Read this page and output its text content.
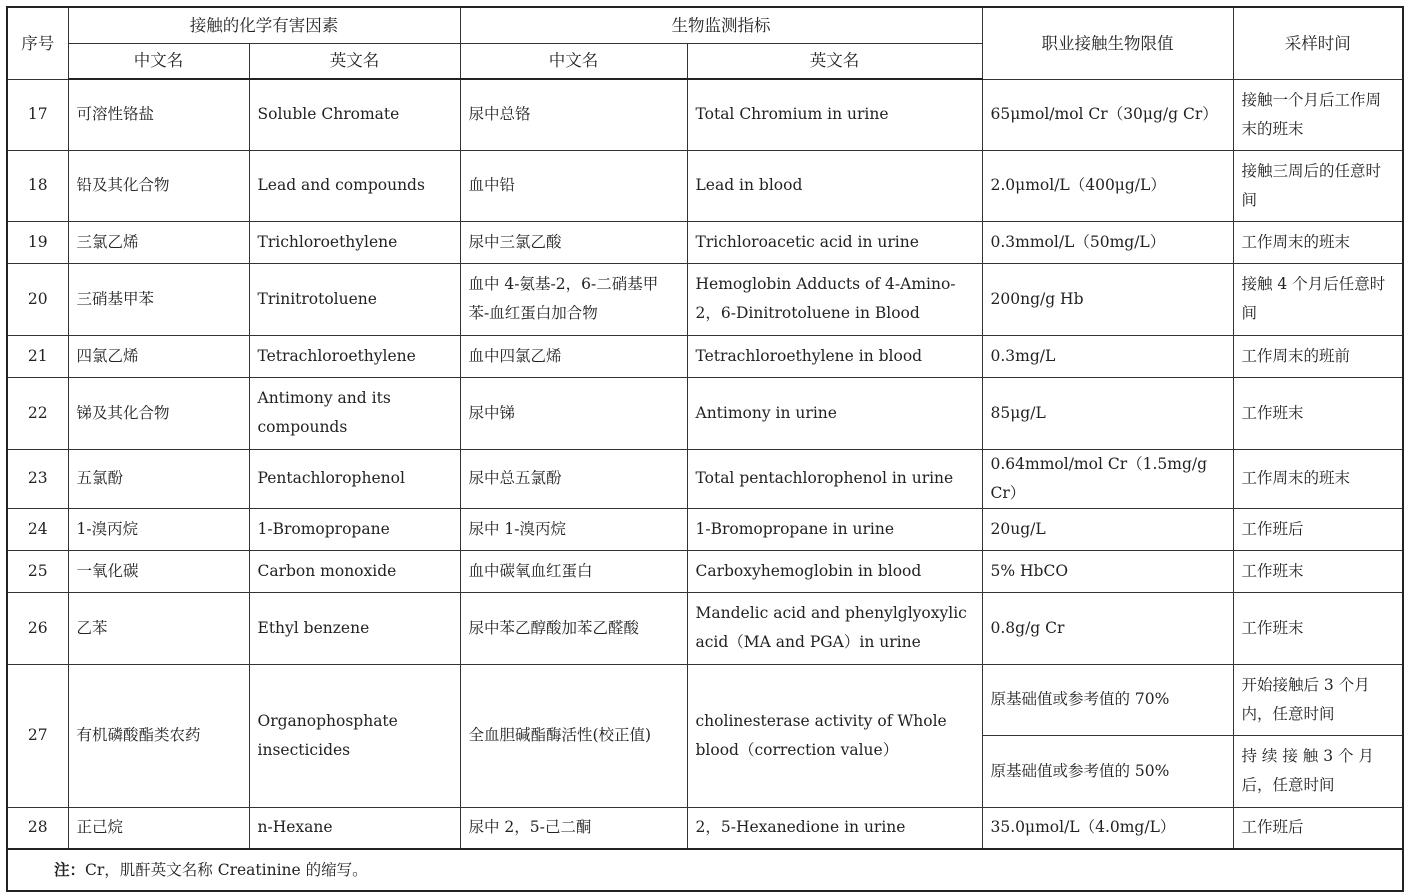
序号	接触的化学有害因素		生物监测指标		职业接触生物限值	采样时间
	中文名	英文名	中文名	英文名		
17	可溶性铬盐	Soluble Chromate	尿中总铬	Total Chromium in urine	65μmol/mol Cr（30μg/g Cr）	接触一个月后工作周末的班末
18	铅及其化合物	Lead and compounds	血中铅	Lead in blood	2.0μmol/L（400μg/L）	接触三周后的任意时间
19	三氯乙烯	Trichloroethylene	尿中三氯乙酸	Trichloroacetic acid in urine	0.3mmol/L（50mg/L）	工作周末的班末
20	三硝基甲苯	Trinitrotoluene	血中 4-氨基-2，6-二硝基甲苯-血红蛋白加合物	Hemoglobin Adducts of 4-Amino-2，6-Dinitrotoluene in Blood	200ng/g Hb	接触 4 个月后任意时间
21	四氯乙烯	Tetrachloroethylene	血中四氯乙烯	Tetrachloroethylene in blood	0.3mg/L	工作周末的班前
22	锑及其化合物	Antimony and its compounds	尿中锑	Antimony in urine	85μg/L	工作班末
23	五氯酚	Pentachlorophenol	尿中总五氯酚	Total pentachlorophenol in urine	0.64mmol/mol Cr（1.5mg/g Cr）	工作周末的班末
24	1-溴丙烷	1-Bromopropane	尿中 1-溴丙烷	1-Bromopropane in urine	20ug/L	工作班后
25	一氧化碳	Carbon monoxide	血中碳氧血红蛋白	Carboxyhemoglobin in blood	5% HbCO	工作班末
26	乙苯	Ethyl benzene	尿中苯乙醇酸加苯乙醛酸	Mandelic acid and phenylglyoxylic acid（MA and PGA）in urine	0.8g/g Cr	工作班末
27	有机磷酸酯类农药	Organophosphate insecticides	全血胆碱酯酶活性(校正值)	cholinesterase activity of Whole blood（correction value）	原基础值或参考值的 70%	开始接触后 3 个月内，任意时间
					原基础值或参考值的 50%	持 续 接 触 3 个 月后，任意时间
28	正己烷	n-Hexane	尿中 2，5-己二酮	2，5-Hexanedione in urine	35.0μmol/L（4.0mg/L）	工作班后
注：Cr，肌酐英文名称 Creatinine 的缩写。						
